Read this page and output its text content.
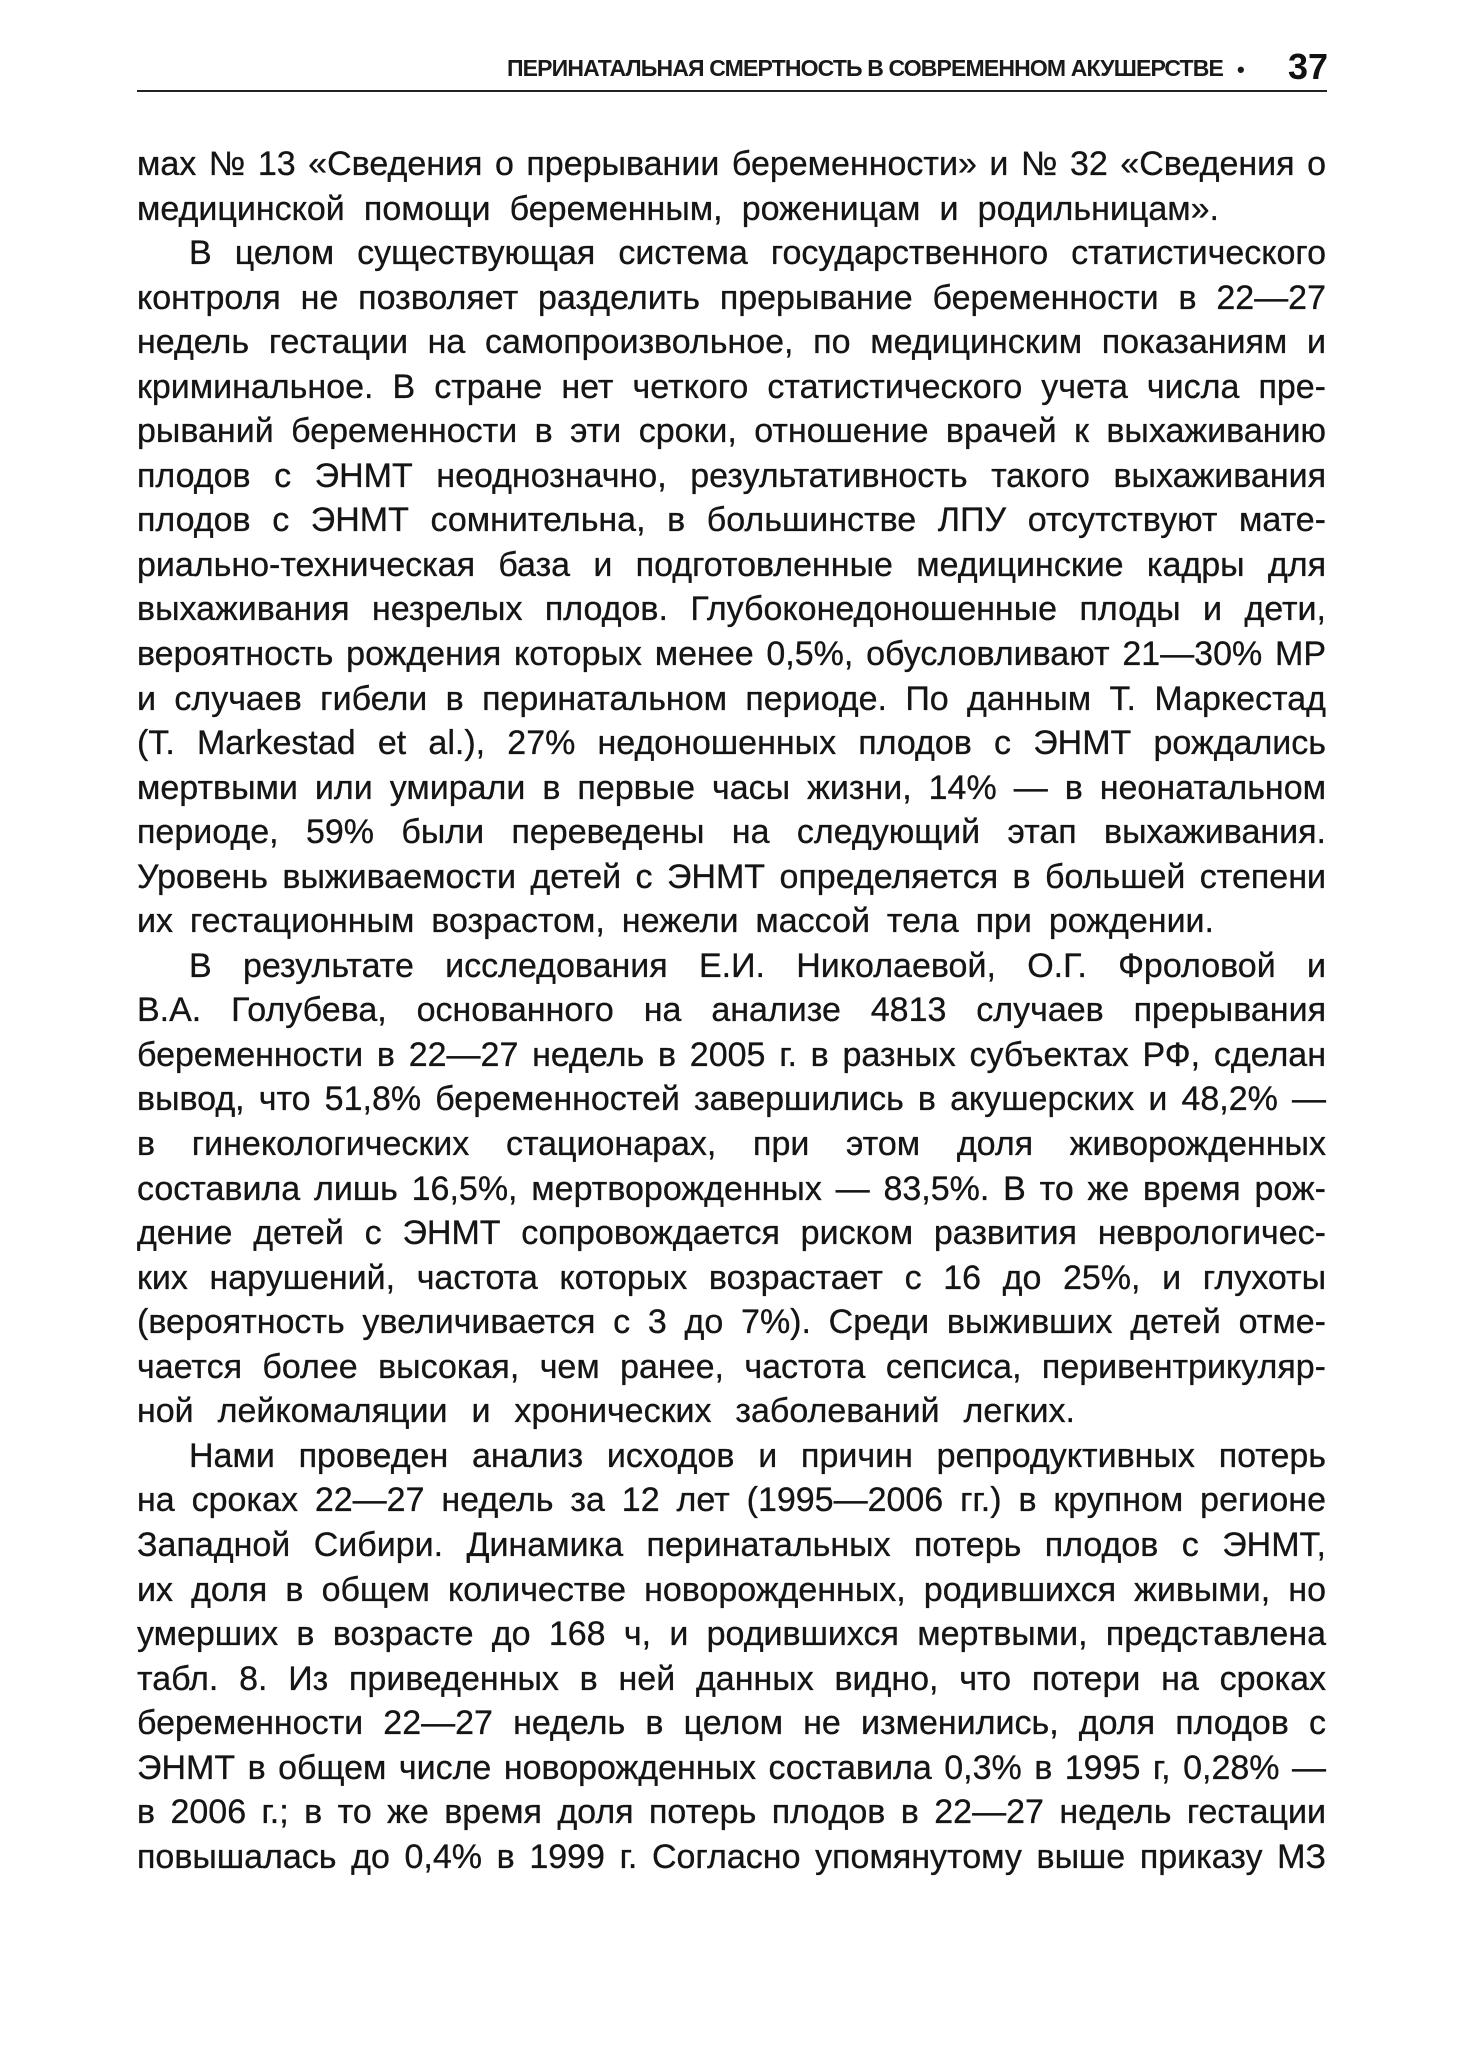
ПЕРИНАТАЛЬНАЯ СМЕРТНОСТЬ В СОВРЕМЕННОМ АКУШЕРСТВЕ • 37
мах № 13 «Сведения о прерывании беременности» и № 32 «Сведения о
медицинской помощи беременным, роженицам и родильницам».
В целом существующая система государственного статистического
контроля не позволяет разделить прерывание беременности в 22—27
недель гестации на самопроизвольное, по медицинским показаниям и
криминальное. В стране нет четкого статистического учета числа пре-
рываний беременности в эти сроки, отношение врачей к выхаживанию
плодов с ЭНМТ неоднозначно, результативность такого выхаживания
плодов с ЭНМТ сомнительна, в большинстве ЛПУ отсутствуют мате-
риально-техническая база и подготовленные медицинские кадры для
выхаживания незрелых плодов. Глубоконедоношенные плоды и дети,
вероятность рождения которых менее 0,5%, обусловливают 21—30% МР
и случаев гибели в перинатальном периоде. По данным Т. Маркестад
(T. Markestad et al.), 27% недоношенных плодов с ЭНМТ рождались
мертвыми или умирали в первые часы жизни, 14% — в неонатальном
периоде, 59% были переведены на следующий этап выхаживания.
Уровень выживаемости детей с ЭНМТ определяется в большей степени
их гестационным возрастом, нежели массой тела при рождении.
В результате исследования Е.И. Николаевой, О.Г. Фроловой и
В.А. Голубева, основанного на анализе 4813 случаев прерывания
беременности в 22—27 недель в 2005 г. в разных субъектах РФ, сделан
вывод, что 51,8% беременностей завершились в акушерских и 48,2% —
в гинекологических стационарах, при этом доля живорожденных
составила лишь 16,5%, мертворожденных — 83,5%. В то же время рож-
дение детей с ЭНМТ сопровождается риском развития неврологичес-
ких нарушений, частота которых возрастает с 16 до 25%, и глухоты
(вероятность увеличивается с 3 до 7%). Среди выживших детей отме-
чается более высокая, чем ранее, частота сепсиса, перивентрикуляр-
ной лейкомаляции и хронических заболеваний легких.
Нами проведен анализ исходов и причин репродуктивных потерь
на сроках 22—27 недель за 12 лет (1995—2006 гг.) в крупном регионе
Западной Сибири. Динамика перинатальных потерь плодов с ЭНМТ,
их доля в общем количестве новорожденных, родившихся живыми, но
умерших в возрасте до 168 ч, и родившихся мертвыми, представлена
табл. 8. Из приведенных в ней данных видно, что потери на сроках
беременности 22—27 недель в целом не изменились, доля плодов с
ЭНМТ в общем числе новорожденных составила 0,3% в 1995 г, 0,28% —
в 2006 г.; в то же время доля потерь плодов в 22—27 недель гестации
повышалась до 0,4% в 1999 г. Согласно упомянутому выше приказу МЗ
